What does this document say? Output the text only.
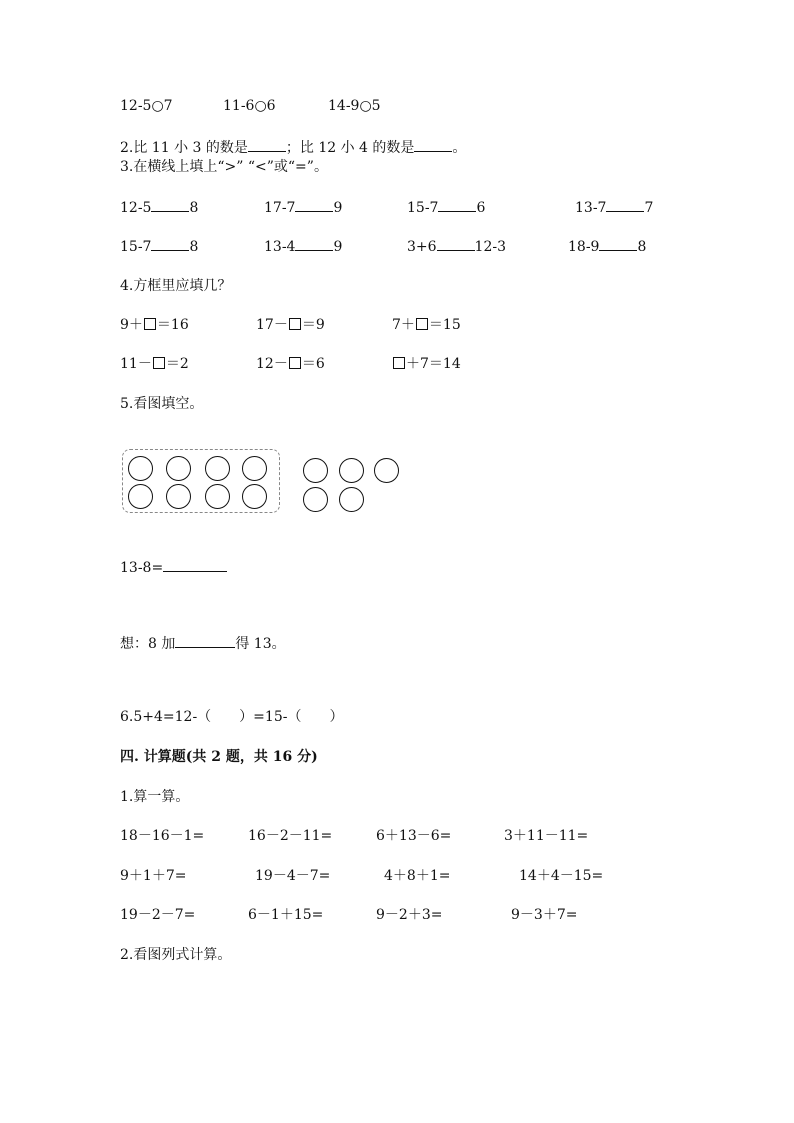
12-5○7	11-6○6	14-9○5
2.比 11 小 3 的数是	；比 12 小 4 的数是	。
3.在横线上填上“>” “<”或“=”。
12-5	8	17-7	9	15-7	6	13-7	7
15-7	8	13-4	9	3+6	12-3	18-9	8
4.方框里应填几？
9＋ ＝16	17－ ＝9	7＋ ＝15
11－ ＝2	12－ ＝6	＋7＝14
5.看图填空。
13-8=
想：8 加	得 13。
6.5+4=12-（　　）=15-（　　）
四. 计算题(共 2 题，共 16 分)
1.算一算。
18－16－1=	16－2－11=	6＋13－6=	3＋11－11=
9＋1＋7=	19－4－7=	4＋8＋1=	14＋4－15=
19－2－7=	6－1＋15=	9－2＋3=	9－3＋7=
2.看图列式计算。
